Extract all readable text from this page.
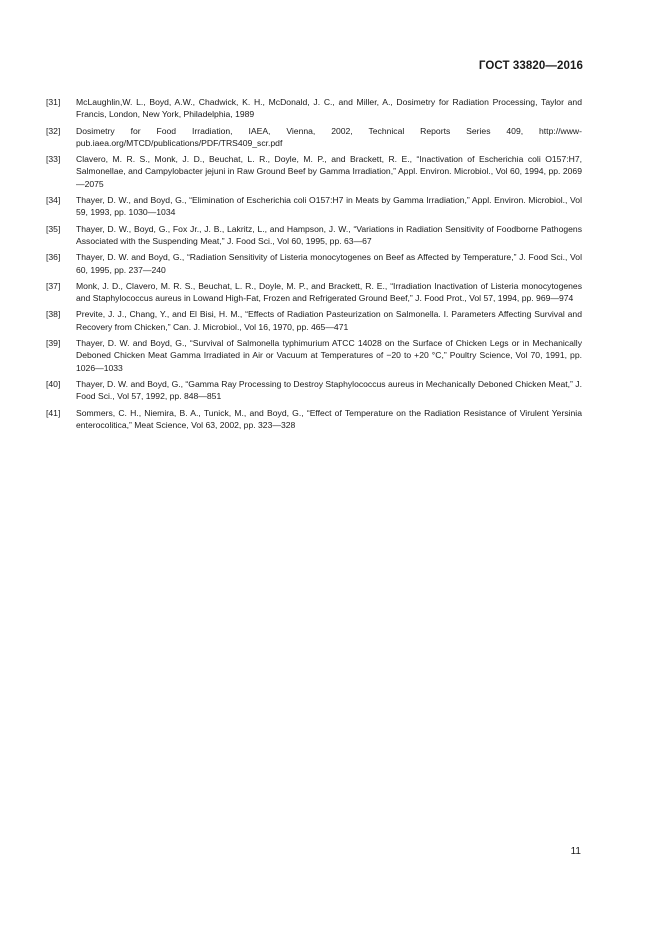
ГОСТ 33820—2016
[31]	McLaughlin,W. L., Boyd, A.W., Chadwick, K. H., McDonald, J. C., and Miller, A., Dosimetry for Radiation Processing, Taylor and Francis, London, New York, Philadelphia, 1989
[32]	Dosimetry for Food Irradiation, IAEA, Vienna, 2002, Technical Reports Series 409, http://www-pub.iaea.org/MTCD/publications/PDF/TRS409_scr.pdf
[33]	Clavero, M. R. S., Monk, J. D., Beuchat, L. R., Doyle, M. P., and Brackett, R. E., “Inactivation of Escherichia coli O157:H7, Salmonellae, and Campylobacter jejuni in Raw Ground Beef by Gamma Irradiation,” Appl. Environ. Microbiol., Vol 60, 1994, pp. 2069—2075
[34]	Thayer, D. W., and Boyd, G., “Elimination of Escherichia coli O157:H7 in Meats by Gamma Irradiation,” Appl. Environ. Microbiol., Vol 59, 1993, pp. 1030—1034
[35]	Thayer, D. W., Boyd, G., Fox Jr., J. B., Lakritz, L., and Hampson, J. W., “Variations in Radiation Sensitivity of Foodborne Pathogens Associated with the Suspending Meat,” J. Food Sci., Vol 60, 1995, pp. 63—67
[36]	Thayer, D. W. and Boyd, G., “Radiation Sensitivity of Listeria monocytogenes on Beef as Affected by Temperature,” J. Food Sci., Vol 60, 1995, pp. 237—240
[37]	Monk, J. D., Clavero, M. R. S., Beuchat, L. R., Doyle, M. P., and Brackett, R. E., “Irradiation Inactivation of Listeria monocytogenes and Staphylococcus aureus in Lowand High-Fat, Frozen and Refrigerated Ground Beef,” J. Food Prot., Vol 57, 1994, pp. 969—974
[38]	Previte, J. J., Chang, Y., and El Bisi, H. M., “Effects of Radiation Pasteurization on Salmonella. I. Parameters Affecting Survival and Recovery from Chicken,” Can. J. Microbiol., Vol 16, 1970, pp. 465—471
[39]	Thayer, D. W. and Boyd, G., “Survival of Salmonella typhimurium ATCC 14028 on the Surface of Chicken Legs or in Mechanically Deboned Chicken Meat Gamma Irradiated in Air or Vacuum at Temperatures of −20 to +20 °C,” Poultry Science, Vol 70, 1991, pp. 1026—1033
[40]	Thayer, D. W. and Boyd, G., “Gamma Ray Processing to Destroy Staphylococcus aureus in Mechanically Deboned Chicken Meat,” J. Food Sci., Vol 57, 1992, pp. 848—851
[41]	Sommers, C. H., Niemira, B. A., Tunick, M., and Boyd, G., “Effect of Temperature on the Radiation Resistance of Virulent Yersinia enterocolitica,” Meat Science, Vol 63, 2002, pp. 323—328
11
